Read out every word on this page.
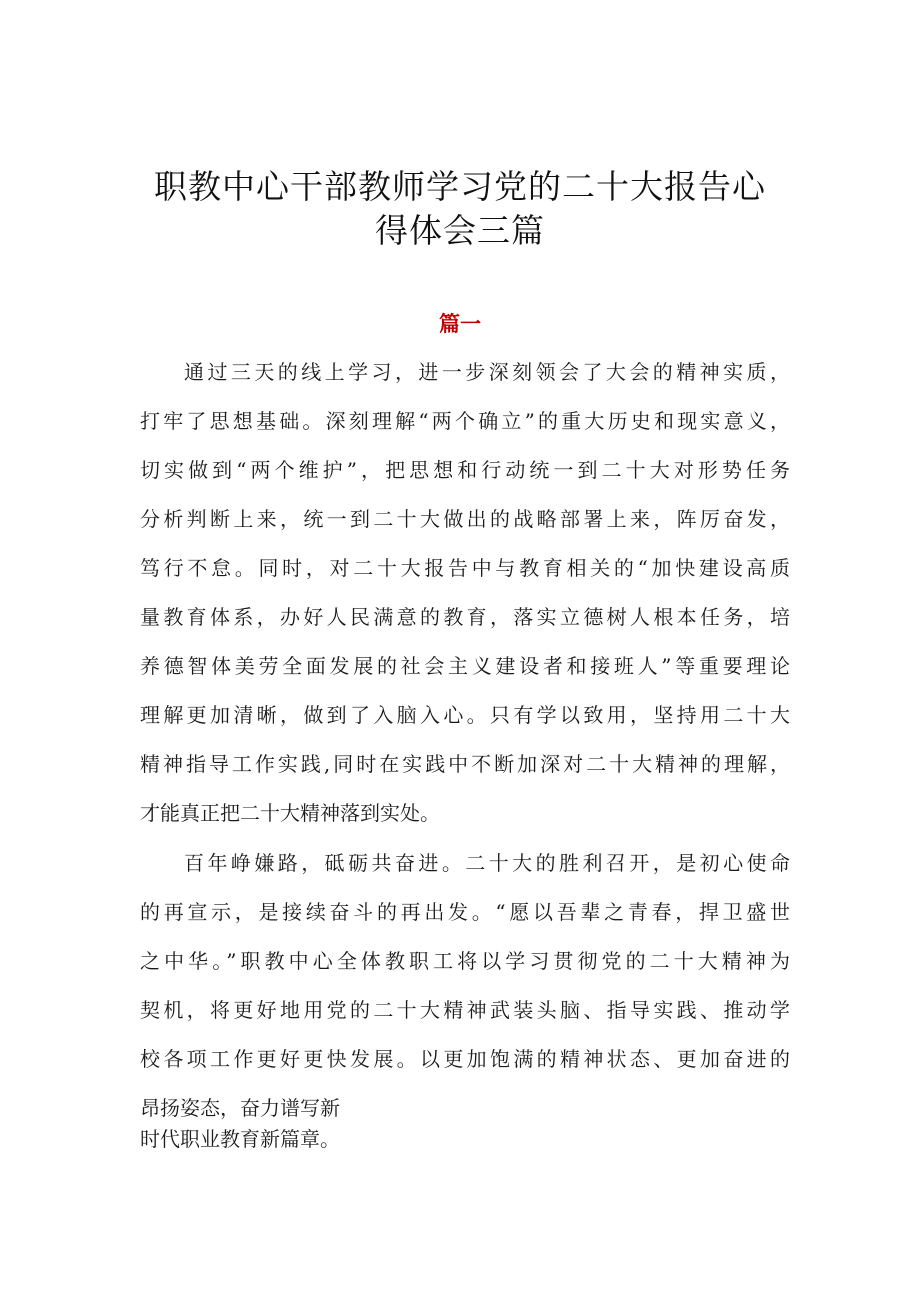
职教中心干部教师学习党的二十大报告心
得体会三篇
篇一
通过三天的线上学习，进一步深刻领会了大会的精神实质，
打牢了思想基础。深刻理解“两个确立”的重大历史和现实意义，
切实做到“两个维护”，把思想和行动统一到二十大对形势任务
分析判断上来，统一到二十大做出的战略部署上来，阵厉奋发，
笃行不怠。同时，对二十大报告中与教育相关的“加快建设高质
量教育体系，办好人民满意的教育，落实立德树人根本任务，培
养德智体美劳全面发展的社会主义建设者和接班人”等重要理论
理解更加清晰，做到了入脑入心。只有学以致用，坚持用二十大
精神指导工作实践,同时在实践中不断加深对二十大精神的理解，
才能真正把二十大精神落到实处。
百年峥嫌路，砥砺共奋进。二十大的胜利召开，是初心使命
的再宣示，是接续奋斗的再出发。“愿以吾辈之青春，捍卫盛世
之中华。”职教中心全体教职工将以学习贯彻党的二十大精神为
契机，将更好地用党的二十大精神武装头脑、指导实践、推动学
校各项工作更好更快发展。以更加饱满的精神状态、更加奋进的
昂扬姿态，奋力谱写新
时代职业教育新篇章。
